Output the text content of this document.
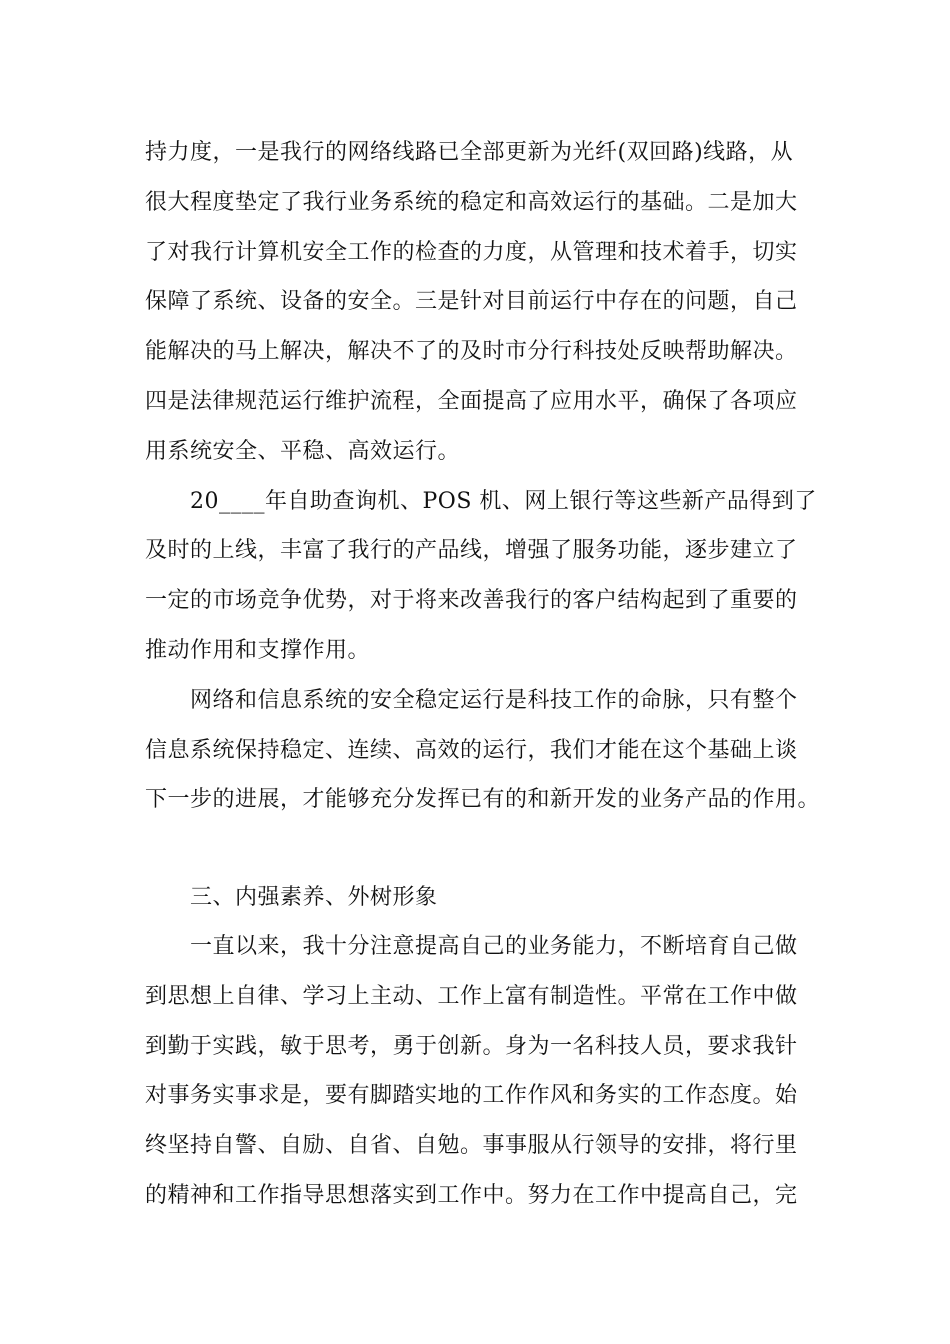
持力度，一是我行的网络线路已全部更新为光纤(双回路)线路，从
很大程度垫定了我行业务系统的稳定和高效运行的基础。二是加大
了对我行计算机安全工作的检查的力度，从管理和技术着手，切实
保障了系统、设备的安全。三是针对目前运行中存在的问题，自己
能解决的马上解决，解决不了的及时市分行科技处反映帮助解决。
四是法律规范运行维护流程，全面提高了应用水平，确保了各项应
用系统安全、平稳、高效运行。
20____年自助查询机、POS 机、网上银行等这些新产品得到了
及时的上线，丰富了我行的产品线，增强了服务功能，逐步建立了
一定的市场竞争优势，对于将来改善我行的客户结构起到了重要的
推动作用和支撑作用。
网络和信息系统的安全稳定运行是科技工作的命脉，只有整个
信息系统保持稳定、连续、高效的运行，我们才能在这个基础上谈
下一步的进展，才能够充分发挥已有的和新开发的业务产品的作用。
三、内强素养、外树形象
一直以来，我十分注意提高自己的业务能力，不断培育自己做
到思想上自律、学习上主动、工作上富有制造性。平常在工作中做
到勤于实践，敏于思考，勇于创新。身为一名科技人员，要求我针
对事务实事求是，要有脚踏实地的工作作风和务实的工作态度。始
终坚持自警、自励、自省、自勉。事事服从行领导的安排，将行里
的精神和工作指导思想落实到工作中。努力在工作中提高自己，完
